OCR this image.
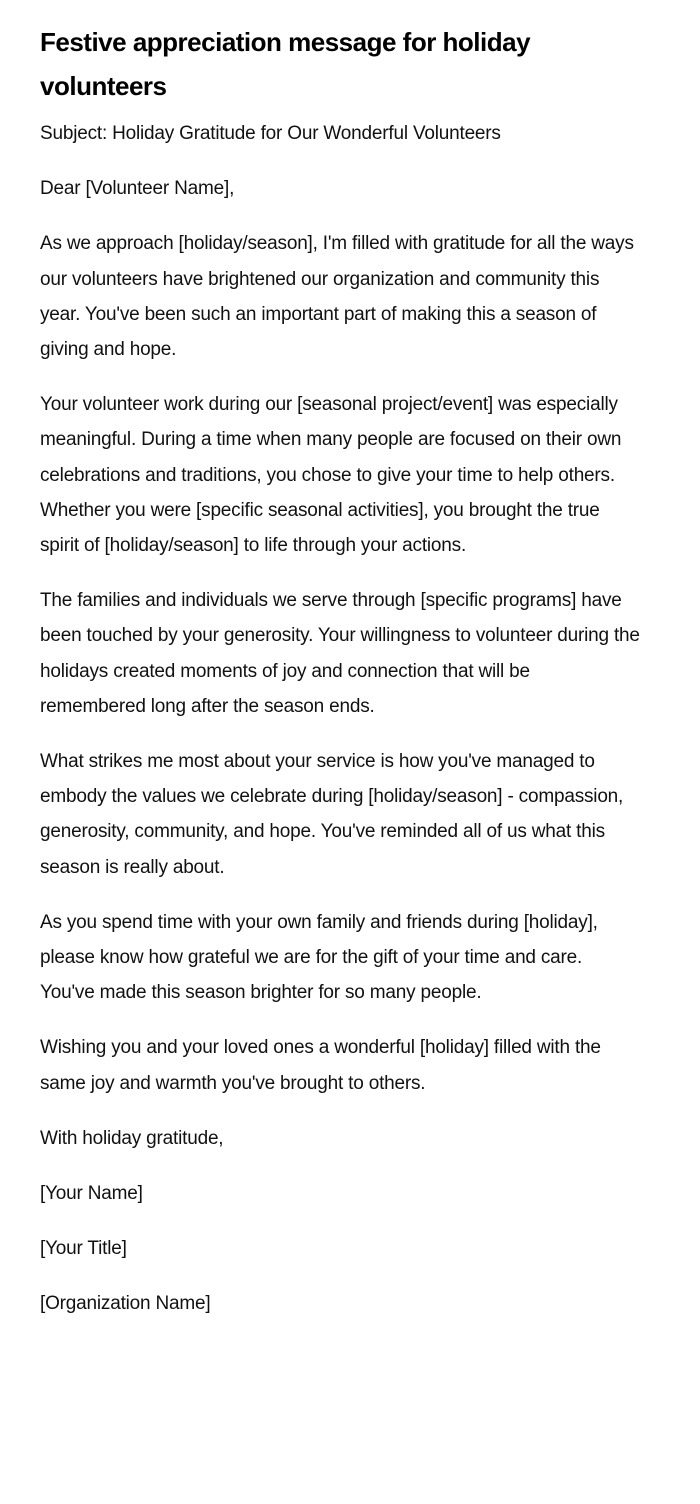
Festive appreciation message for holiday volunteers

Subject: Holiday Gratitude for Our Wonderful Volunteers

Dear [Volunteer Name],

As we approach [holiday/season], I'm filled with gratitude for all the ways our volunteers have brightened our organization and community this year. You've been such an important part of making this a season of giving and hope.

Your volunteer work during our [seasonal project/event] was especially meaningful. During a time when many people are focused on their own celebrations and traditions, you chose to give your time to help others. Whether you were [specific seasonal activities], you brought the true spirit of [holiday/season] to life through your actions.

The families and individuals we serve through [specific programs] have been touched by your generosity. Your willingness to volunteer during the holidays created moments of joy and connection that will be remembered long after the season ends.

What strikes me most about your service is how you've managed to embody the values we celebrate during [holiday/season] - compassion, generosity, community, and hope. You've reminded all of us what this season is really about.

As you spend time with your own family and friends during [holiday], please know how grateful we are for the gift of your time and care. You've made this season brighter for so many people.

Wishing you and your loved ones a wonderful [holiday] filled with the same joy and warmth you've brought to others.

With holiday gratitude,

[Your Name]

[Your Title]

[Organization Name]
